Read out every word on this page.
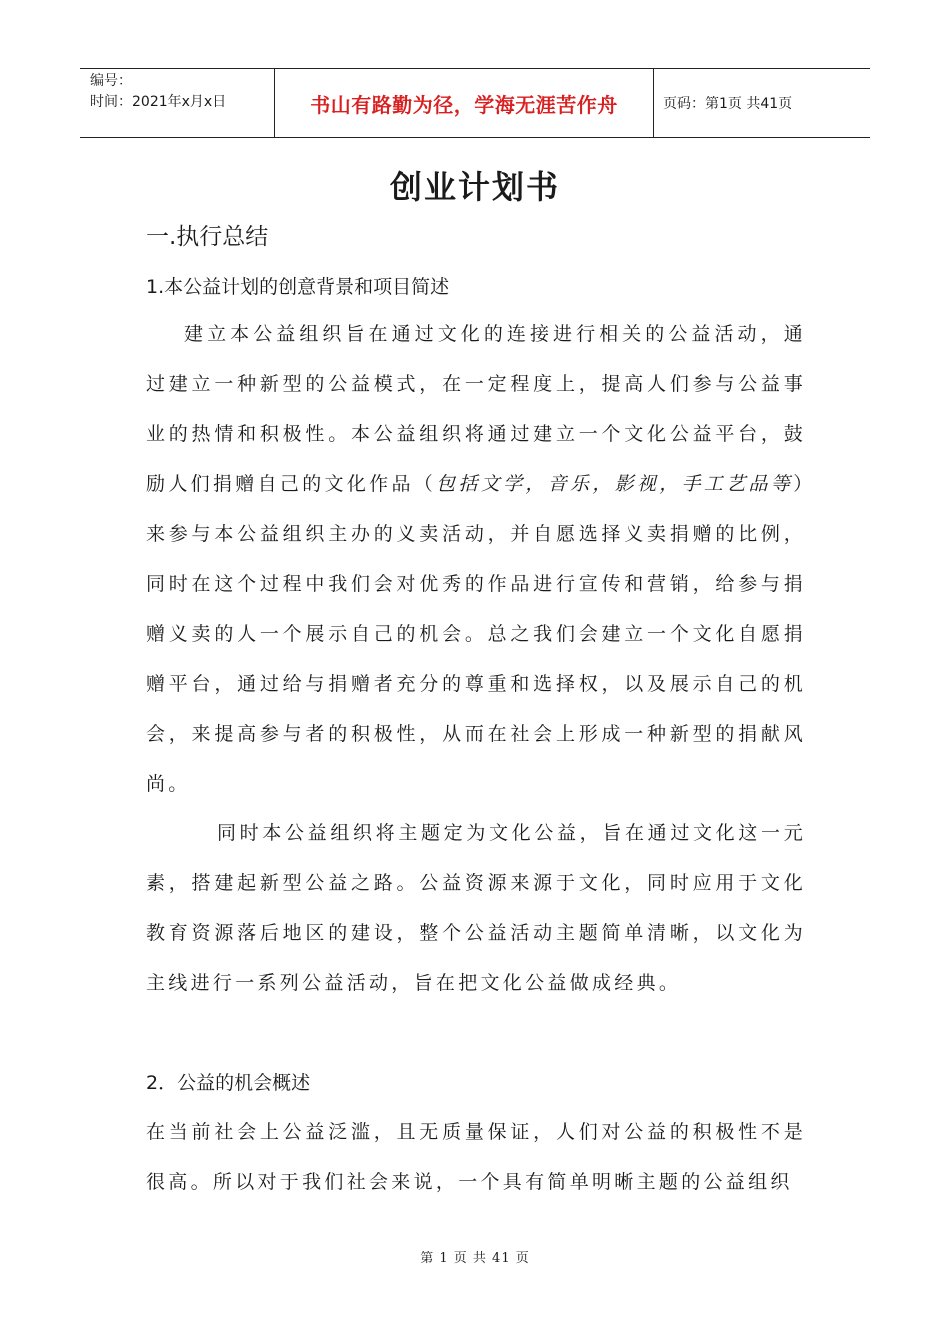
编号：
时间：2021年x月x日	书山有路勤为径，学海无涯苦作舟	页码：第1页 共41页
创业计划书
一.执行总结
1.本公益计划的创意背景和项目简述

建立本公益组织旨在通过文化的连接进行相关的公益活动，通过建立一种新型的公益模式，在一定程度上，提高人们参与公益事业的热情和积极性。本公益组织将通过建立一个文化公益平台，鼓励人们捐赠自己的文化作品（包括文学，音乐，影视，手工艺品等）来参与本公益组织主办的义卖活动，并自愿选择义卖捐赠的比例，同时在这个过程中我们会对优秀的作品进行宣传和营销，给参与捐赠义卖的人一个展示自己的机会。总之我们会建立一个文化自愿捐赠平台，通过给与捐赠者充分的尊重和选择权，以及展示自己的机会，来提高参与者的积极性，从而在社会上形成一种新型的捐献风尚。

同时本公益组织将主题定为文化公益，旨在通过文化这一元素，搭建起新型公益之路。公益资源来源于文化，同时应用于文化教育资源落后地区的建设，整个公益活动主题简单清晰，以文化为主线进行一系列公益活动，旨在把文化公益做成经典。

2．公益的机会概述

在当前社会上公益泛滥，且无质量保证，人们对公益的积极性不是很高。所以对于我们社会来说，一个具有简单明晰主题的公益组织

第 1 页 共 41 页
